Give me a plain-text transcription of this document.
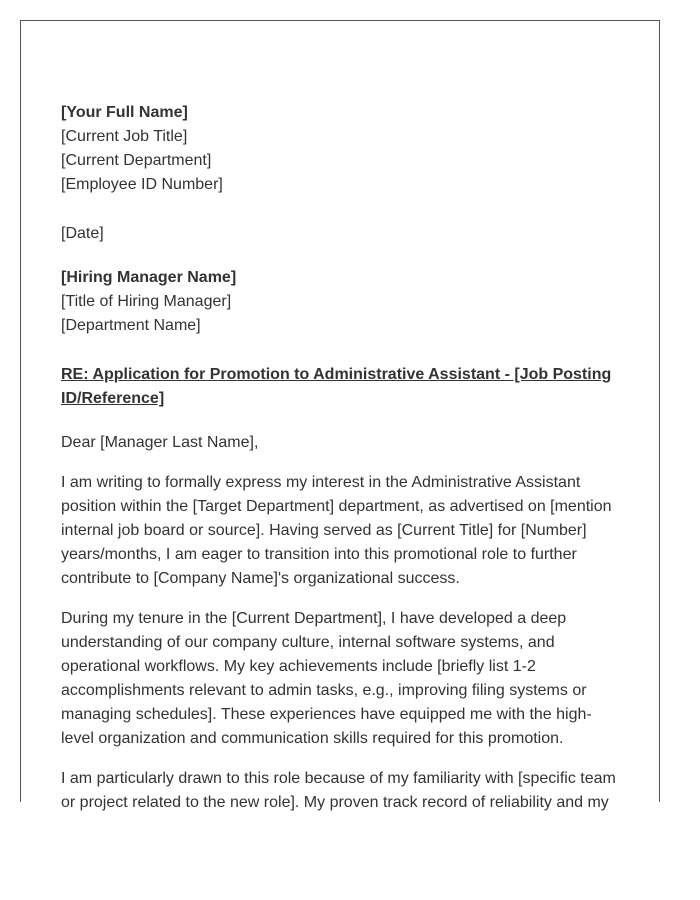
[Your Full Name]
[Current Job Title]
[Current Department]
[Employee ID Number]
[Date]
[Hiring Manager Name]
[Title of Hiring Manager]
[Department Name]
RE: Application for Promotion to Administrative Assistant - [Job Posting ID/Reference]
Dear [Manager Last Name],

I am writing to formally express my interest in the Administrative Assistant position within the [Target Department] department, as advertised on [mention internal job board or source]. Having served as [Current Title] for [Number] years/months, I am eager to transition into this promotional role to further contribute to [Company Name]'s organizational success.

During my tenure in the [Current Department], I have developed a deep understanding of our company culture, internal software systems, and operational workflows. My key achievements include [briefly list 1-2 accomplishments relevant to admin tasks, e.g., improving filing systems or managing schedules]. These experiences have equipped me with the high-level organization and communication skills required for this promotion.

I am particularly drawn to this role because of my familiarity with [specific team or project related to the new role]. My proven track record of reliability and my
